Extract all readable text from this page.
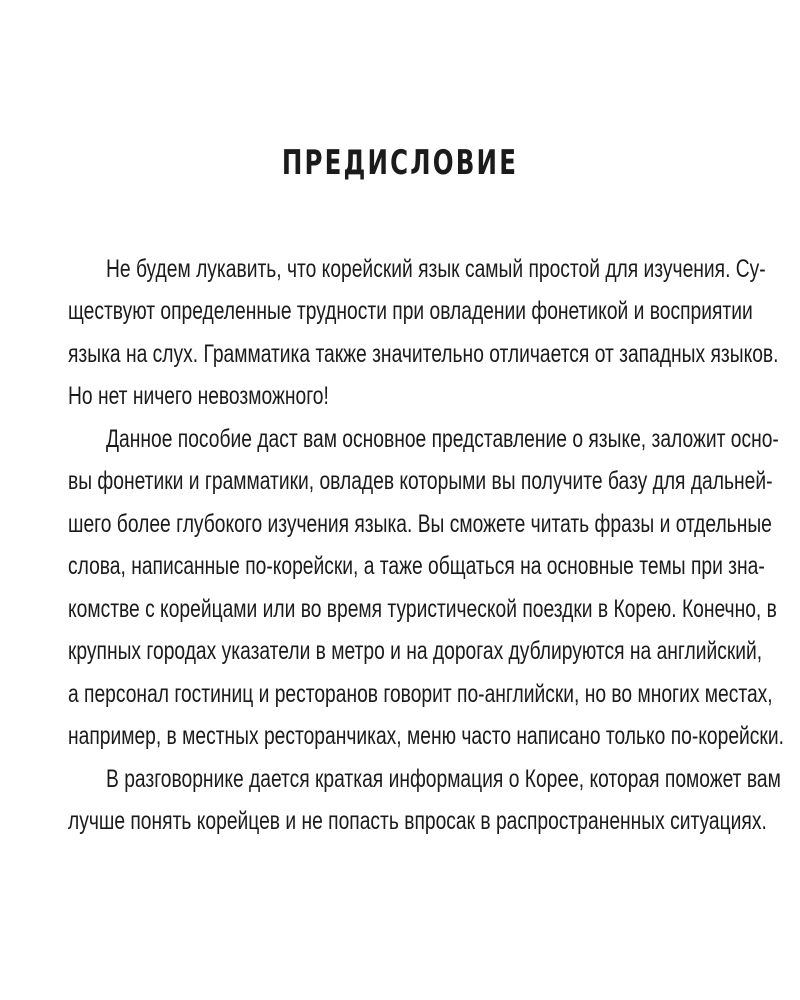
ПРЕДИСЛОВИЕ
Не будем лукавить, что корейский язык самый простой для изучения. Су-
ществуют определенные трудности при овладении фонетикой и восприятии
языка на слух. Грамматика также значительно отличается от западных языков.
Но нет ничего невозможного!
Данное пособие даст вам основное представление о языке, заложит осно-
вы фонетики и грамматики, овладев которыми вы получите базу для дальней-
шего более глубокого изучения языка. Вы сможете читать фразы и отдельные
слова, написанные по-корейски, а таже общаться на основные темы при зна-
комстве с корейцами или во время туристической поездки в Корею. Конечно, в
крупных городах указатели в метро и на дорогах дублируются на английский,
а персонал гостиниц и ресторанов говорит по-английски, но во многих местах,
например, в местных ресторанчиках, меню часто написано только по-корейски.
В разговорнике дается краткая информация о Корее, которая поможет вам
лучше понять корейцев и не попасть впросак в распространенных ситуациях.
